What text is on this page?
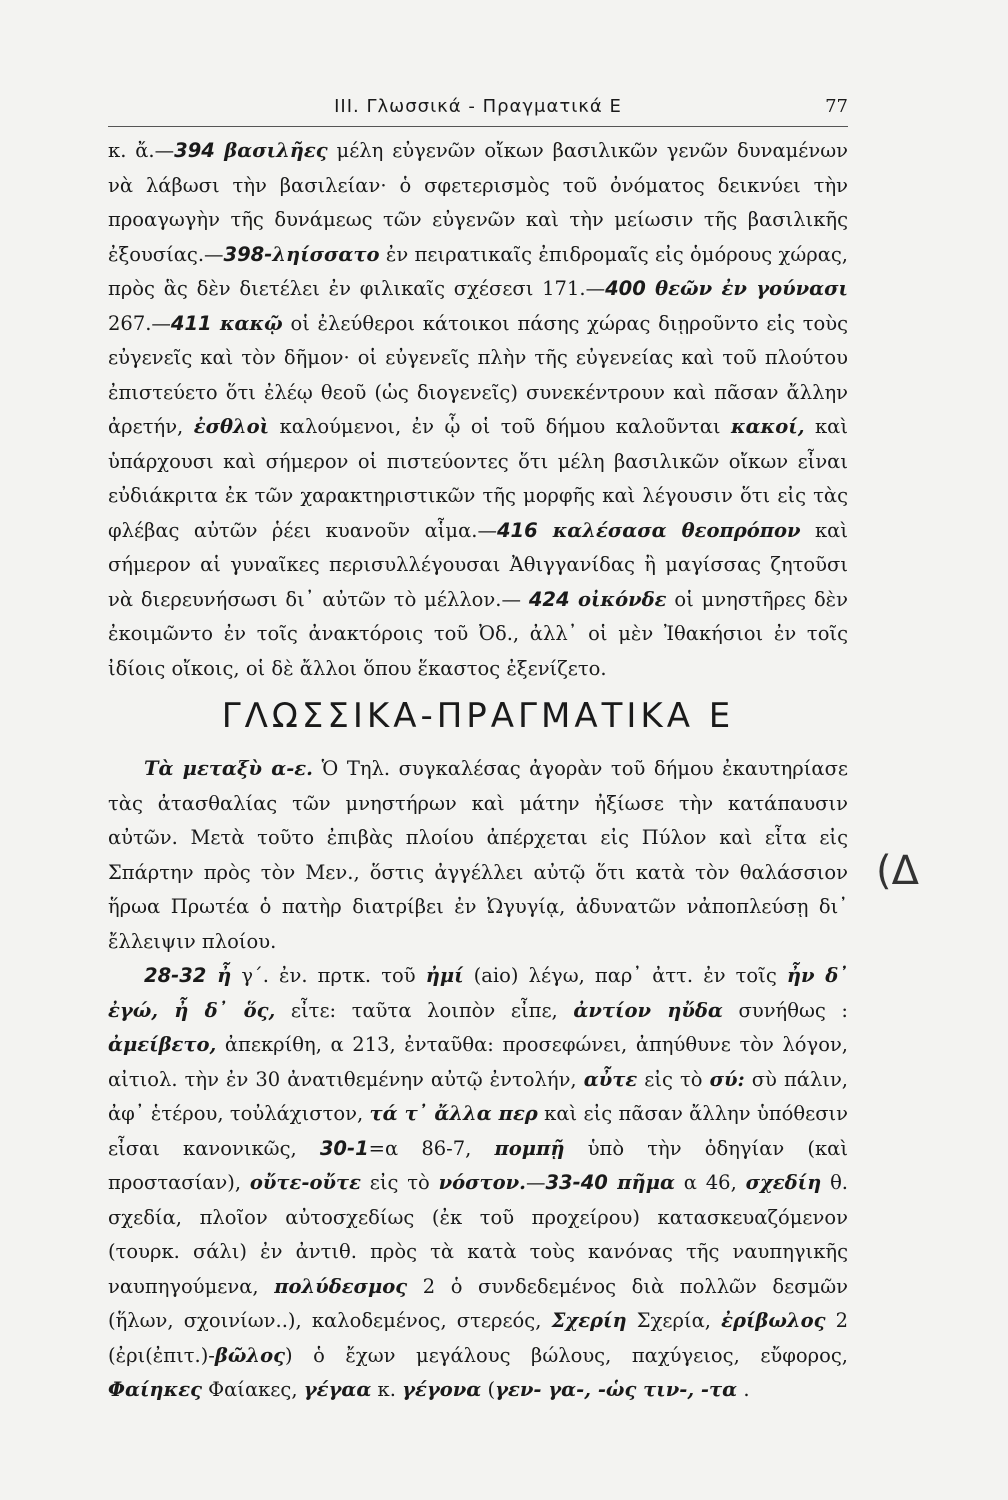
ΙΙΙ. Γλωσσικά - Πραγματικά Ε	77

κ. ἄ.—394 βασιλῆες μέλη εὐγενῶν οἴκων βασιλικῶν γενῶν δυναμένων νὰ λάβωσι τὴν βασιλείαν· ὁ σφετερισμὸς τοῦ ὀνόματος δεικνύει τὴν προαγωγὴν τῆς δυνάμεως τῶν εὐγενῶν καὶ τὴν μείωσιν τῆς βασιλικῆς ἐξουσίας.—398-ληίσσατο ἐν πειρατικαῖς ἐπιδρομαῖς εἰς ὁμόρους χώρας, πρὸς ἃς δὲν διετέλει ἐν φιλικαῖς σχέσεσι 171.—400 θεῶν ἐν γούνασι 267.—411 κακῷ οἱ ἐλεύθεροι κάτοικοι πάσης χώρας διῃροῦντο εἰς τοὺς εὐγενεῖς καὶ τὸν δῆμον· οἱ εὐγενεῖς πλὴν τῆς εὐγενείας καὶ τοῦ πλούτου ἐπιστεύετο ὅτι ἐλέῳ θεοῦ (ὡς διογενεῖς) συνεκέντρουν καὶ πᾶσαν ἄλλην ἀρετήν, ἐσθλοὶ καλούμενοι, ἐν ᾧ οἱ τοῦ δήμου καλοῦνται κακοί, καὶ ὑπάρχουσι καὶ σήμερον οἱ πιστεύοντες ὅτι μέλη βασιλικῶν οἴκων εἶναι εὐδιάκριτα ἐκ τῶν χαρακτηριστικῶν τῆς μορφῆς καὶ λέγουσιν ὅτι εἰς τὰς φλέβας αὐτῶν ῥέει κυανοῦν αἷμα.—416 καλέσασα θεοπρόπον καὶ σήμερον αἱ γυναῖκες περισυλλέγουσαι Ἀθιγγανίδας ἢ μαγίσσας ζητοῦσι νὰ διερευνήσωσι δι᾿ αὐτῶν τὸ μέλλον.— 424 οἰκόνδε οἱ μνηστῆρες δὲν ἐκοιμῶντο ἐν τοῖς ἀνακτόροις τοῦ Ὀδ., ἀλλ᾿ οἱ μὲν Ἰθακήσιοι ἐν τοῖς ἰδίοις οἴκοις, οἱ δὲ ἄλλοι ὅπου ἕκαστος ἐξενίζετο.

ΓΛΩΣΣΙΚΑ-ΠΡΑΓΜΑΤΙΚΑ Ε

Τὰ μεταξὺ α-ε. Ὁ Τηλ. συγκαλέσας ἀγορὰν τοῦ δήμου ἐκαυτηρίασε τὰς ἀτασθαλίας τῶν μνηστήρων καὶ μάτην ἠξίωσε τὴν κατάπαυσιν αὐτῶν. Μετὰ τοῦτο ἐπιβὰς πλοίου ἀπέρχεται εἰς Πύλον καὶ εἶτα εἰς Σπάρτην πρὸς τὸν Μεν., ὅστις ἀγγέλλει αὐτῷ ὅτι κατὰ τὸν θαλάσσιον ἥρωα Πρωτέα ὁ πατὴρ διατρίβει ἐν Ὠγυγίᾳ, ἀδυνατῶν νἀποπλεύσῃ δι᾿ ἔλλειψιν πλοίου.

28-32 ἦ γ΄. ἐν. πρτκ. τοῦ ἠμί (aio) λέγω, παρ᾿ ἀττ. ἐν τοῖς ἦν δ᾿ ἐγώ, ἦ δ᾿ ὅς, εἶτε: ταῦτα λοιπὸν εἶπε, ἀντίον ηὔδα συνήθως : ἀμείβετο, ἀπεκρίθη, α 213, ἐνταῦθα: προσεφώνει, ἀπηύθυνε τὸν λόγον, αἰτιολ. τὴν ἐν 30 ἀνατιθεμένην αὐτῷ ἐντολήν, αὖτε εἰς τὸ σύ: σὺ πάλιν, ἀφ᾿ ἑτέρου, τοὐλάχιστον, τά τ᾿ ἄλλα περ καὶ εἰς πᾶσαν ἄλλην ὑπόθεσιν εἶσαι κανονικῶς, 30-1=α 86-7, πομπῇ ὑπὸ τὴν ὁδηγίαν (καὶ προστασίαν), οὔτε-οὔτε εἰς τὸ νόστον.—33-40 πῆμα α 46, σχεδίη θ. σχεδία, πλοῖον αὐτοσχεδίως (ἐκ τοῦ προχείρου) κατασκευαζόμενον (τουρκ. σάλι) ἐν ἀντιθ. πρὸς τὰ κατὰ τοὺς κανόνας τῆς ναυπηγικῆς ναυπηγούμενα, πολύδεσμος 2 ὁ συνδεδεμένος διὰ πολλῶν δεσμῶν (ἥλων, σχοινίων..), καλοδεμένος, στερεός, Σχερίη Σχερία, ἐρίβωλος 2 (ἐρι(ἐπιτ.)-βῶλος) ὁ ἔχων μεγάλους βώλους, παχύγειος, εὔφορος, Φαίηκες Φαίακες, γέγαα κ. γέγονα (γεν- γα-, -ὡς τιν-, -τα .

(Δ
